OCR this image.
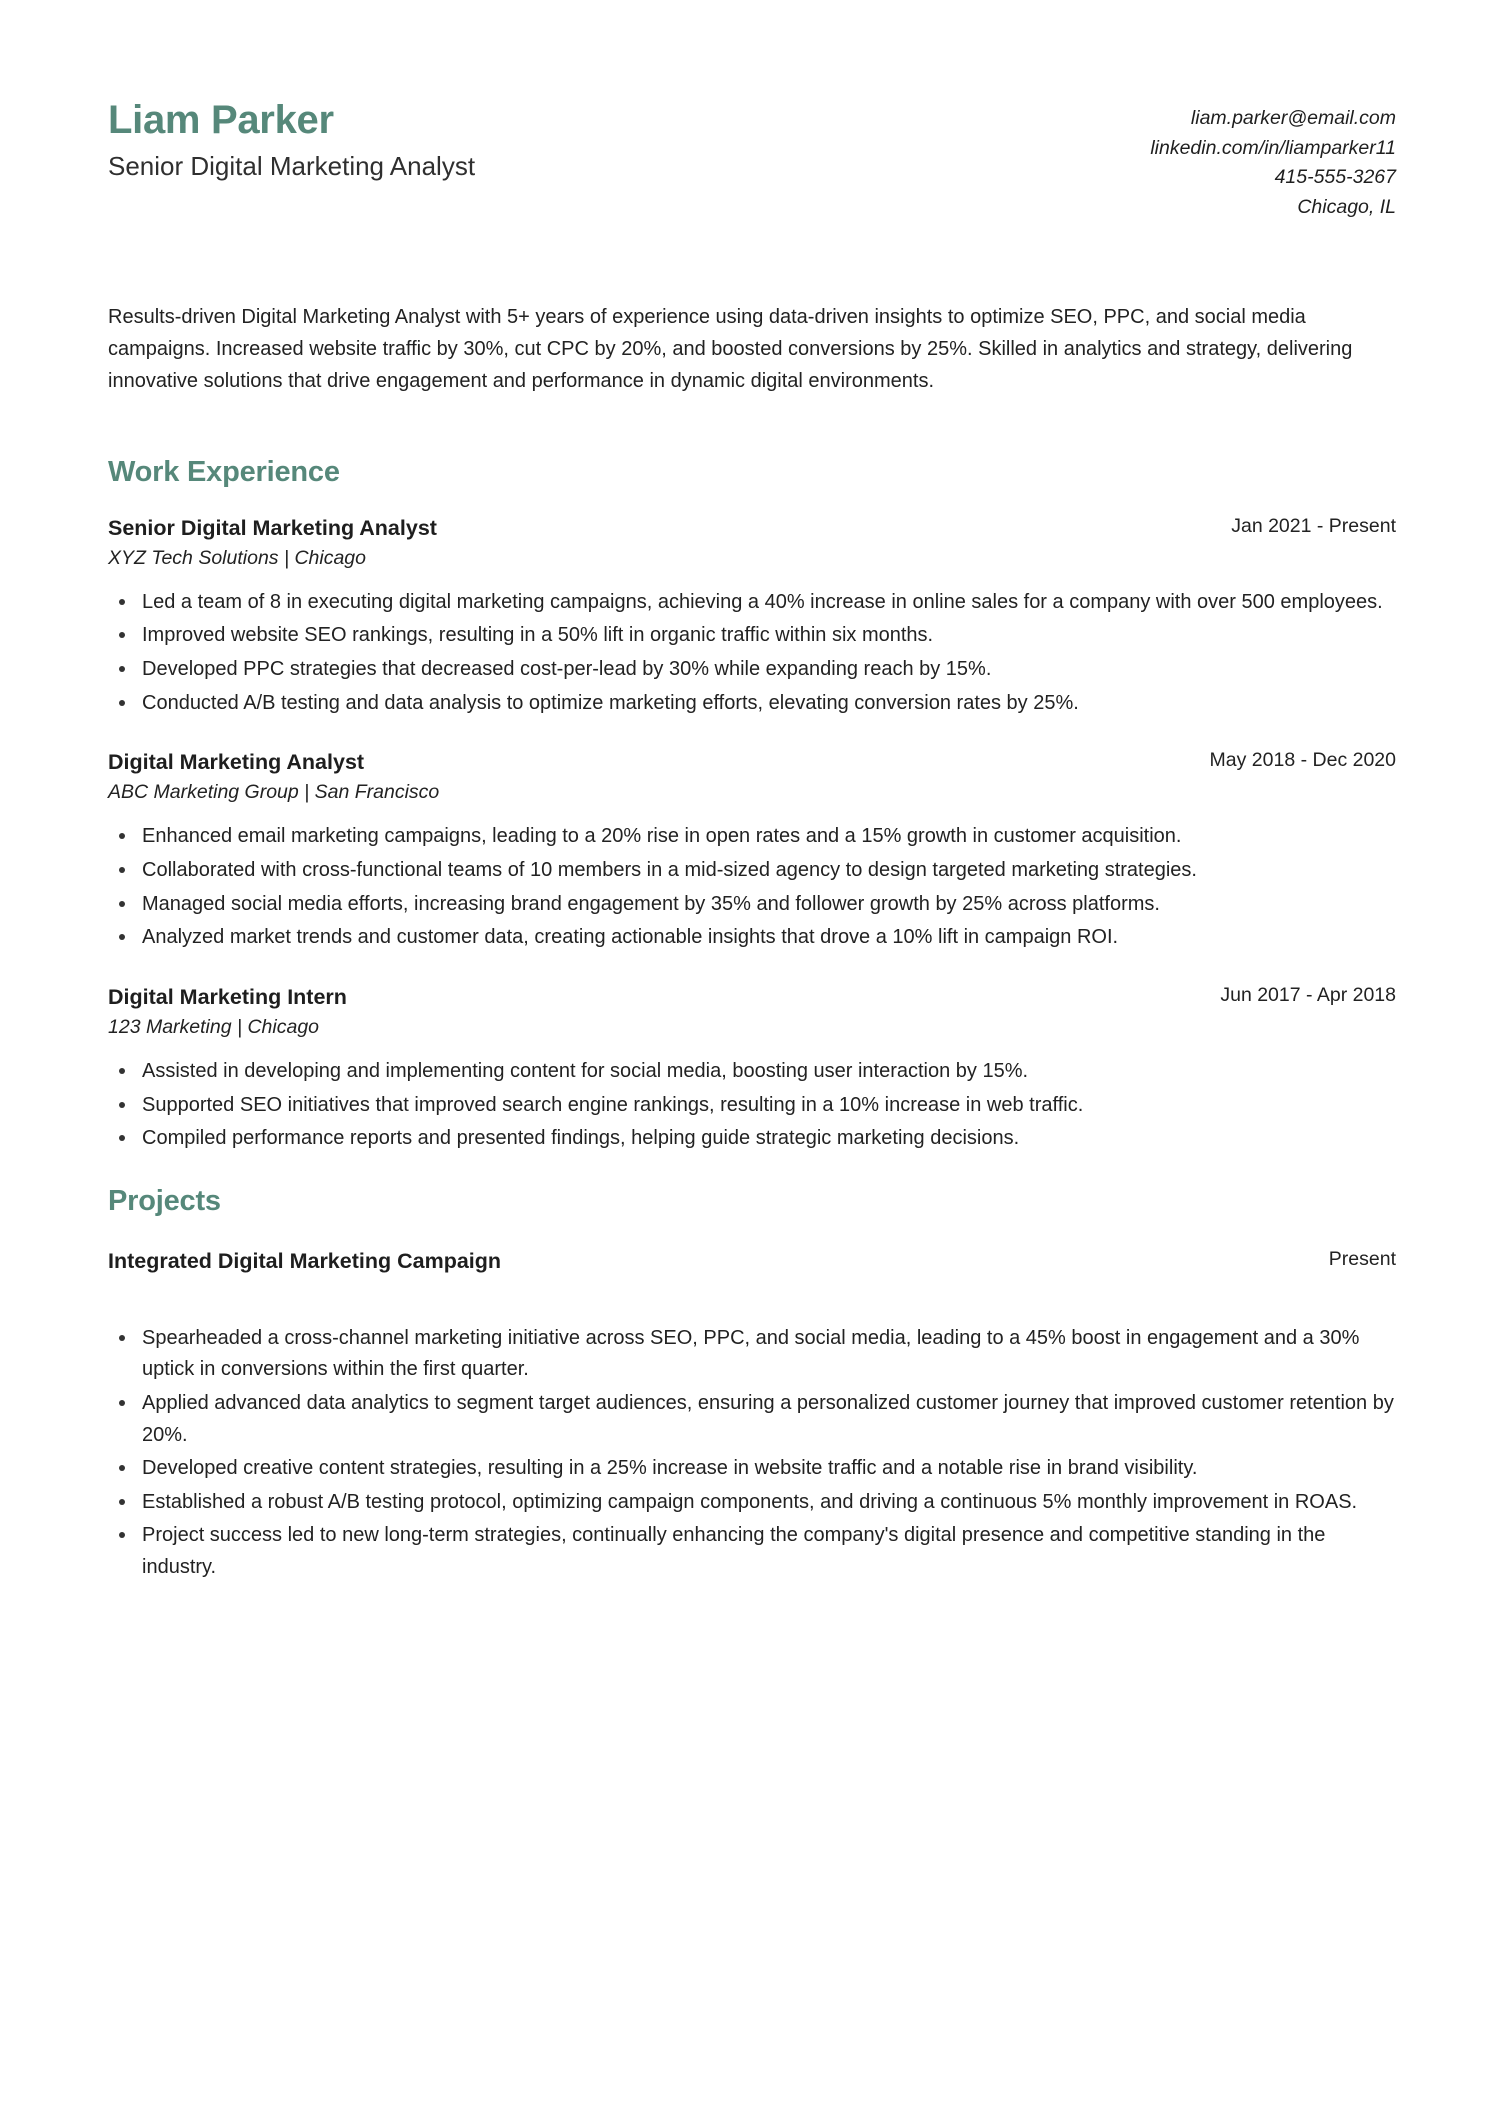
Liam Parker
Senior Digital Marketing Analyst
liam.parker@email.com
linkedin.com/in/liamparker11
415-555-3267
Chicago, IL
Results-driven Digital Marketing Analyst with 5+ years of experience using data-driven insights to optimize SEO, PPC, and social media campaigns. Increased website traffic by 30%, cut CPC by 20%, and boosted conversions by 25%. Skilled in analytics and strategy, delivering innovative solutions that drive engagement and performance in dynamic digital environments.
Work Experience
Senior Digital Marketing Analyst	Jan 2021 - Present
XYZ Tech Solutions | Chicago
Led a team of 8 in executing digital marketing campaigns, achieving a 40% increase in online sales for a company with over 500 employees.
Improved website SEO rankings, resulting in a 50% lift in organic traffic within six months.
Developed PPC strategies that decreased cost-per-lead by 30% while expanding reach by 15%.
Conducted A/B testing and data analysis to optimize marketing efforts, elevating conversion rates by 25%.
Digital Marketing Analyst	May 2018 - Dec 2020
ABC Marketing Group | San Francisco
Enhanced email marketing campaigns, leading to a 20% rise in open rates and a 15% growth in customer acquisition.
Collaborated with cross-functional teams of 10 members in a mid-sized agency to design targeted marketing strategies.
Managed social media efforts, increasing brand engagement by 35% and follower growth by 25% across platforms.
Analyzed market trends and customer data, creating actionable insights that drove a 10% lift in campaign ROI.
Digital Marketing Intern	Jun 2017 - Apr 2018
123 Marketing | Chicago
Assisted in developing and implementing content for social media, boosting user interaction by 15%.
Supported SEO initiatives that improved search engine rankings, resulting in a 10% increase in web traffic.
Compiled performance reports and presented findings, helping guide strategic marketing decisions.
Projects
Integrated Digital Marketing Campaign	Present
Spearheaded a cross-channel marketing initiative across SEO, PPC, and social media, leading to a 45% boost in engagement and a 30% uptick in conversions within the first quarter.
Applied advanced data analytics to segment target audiences, ensuring a personalized customer journey that improved customer retention by 20%.
Developed creative content strategies, resulting in a 25% increase in website traffic and a notable rise in brand visibility.
Established a robust A/B testing protocol, optimizing campaign components, and driving a continuous 5% monthly improvement in ROAS.
Project success led to new long-term strategies, continually enhancing the company's digital presence and competitive standing in the industry.
